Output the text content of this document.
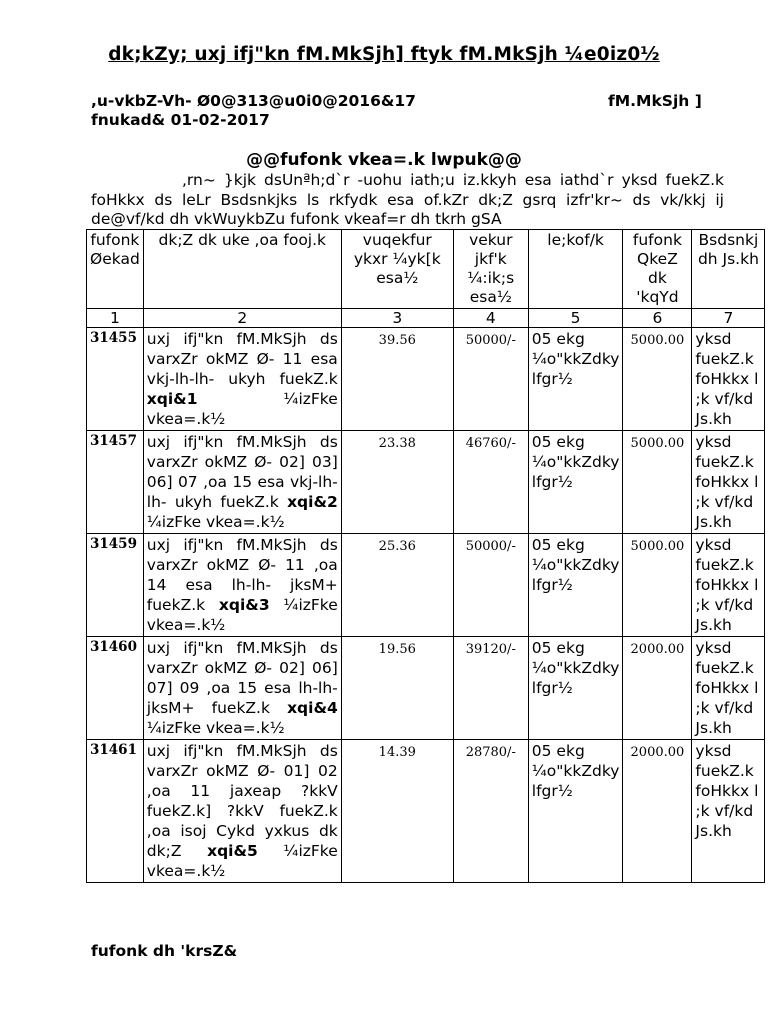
dk;kZy; uxj ifj"kn fM.MkSjh] ftyk fM.MkSjh ¼e0iz0½
,u-vkbZ-Vh- Ø0@313@u0i0@2016&17	fM.MkSjh ]
fnukad& 01-02-2017
@@fufonk vkea=.k lwpuk@@
,rn~ }kjk dsUnªh;d`r -uohu iath;u iz.kkyh esa iathd`r yksd fuekZ.k foHkkx ds leLr Bsdsnkjks ls rkfydk esa of.kZr dk;Z gsrq izfr'kr~ ds vk/kkj ij de@vf/kd dh vkWuykbZu fufonk vkeaf=r dh tkrh gSA
fufonk Øekad	dk;Z dk uke ,oa fooj.k	vuqekfur ykxr ¼yk[k esa½	vekur jkf'k ¼:ik;s esa½	le;kof/k	fufonk QkeZ dk 'kqYd	Bsdsnkj dh Js.kh
1	2	3	4	5	6	7
31455	uxj ifj"kn fM.MkSjh ds varxZr okMZ Ø- 11 esa vkj-lh-lh- ukyh fuekZ.k xqi&1 ¼izFke vkea=.k½	39.56	50000/-	05 ekg ¼o"kkZdky lfgr½	5000.00	yksd fuekZ.k foHkkx l ;k vf/kd Js.kh
31457	uxj ifj"kn fM.MkSjh ds varxZr okMZ Ø- 02] 03] 06] 07 ,oa 15 esa vkj-lh-lh- ukyh fuekZ.k xqi&2 ¼izFke vkea=.k½	23.38	46760/-	05 ekg ¼o"kkZdky lfgr½	5000.00	yksd fuekZ.k foHkkx l ;k vf/kd Js.kh
31459	uxj ifj"kn fM.MkSjh ds varxZr okMZ Ø- 11 ,oa 14 esa lh-lh- jksM+ fuekZ.k xqi&3 ¼izFke vkea=.k½	25.36	50000/-	05 ekg ¼o"kkZdky lfgr½	5000.00	yksd fuekZ.k foHkkx l ;k vf/kd Js.kh
31460	uxj ifj"kn fM.MkSjh ds varxZr okMZ Ø- 02] 06] 07] 09 ,oa 15 esa lh-lh- jksM+ fuekZ.k xqi&4 ¼izFke vkea=.k½	19.56	39120/-	05 ekg ¼o"kkZdky lfgr½	2000.00	yksd fuekZ.k foHkkx l ;k vf/kd Js.kh
31461	uxj ifj"kn fM.MkSjh ds varxZr okMZ Ø- 01] 02 ,oa 11 jaxeap ?kkV fuekZ.k] ?kkV fuekZ.k ,oa isoj Cykd yxkus dk dk;Z xqi&5 ¼izFke vkea=.k½	14.39	28780/-	05 ekg ¼o"kkZdky lfgr½	2000.00	yksd fuekZ.k foHkkx l ;k vf/kd Js.kh
fufonk dh 'krsZ&
